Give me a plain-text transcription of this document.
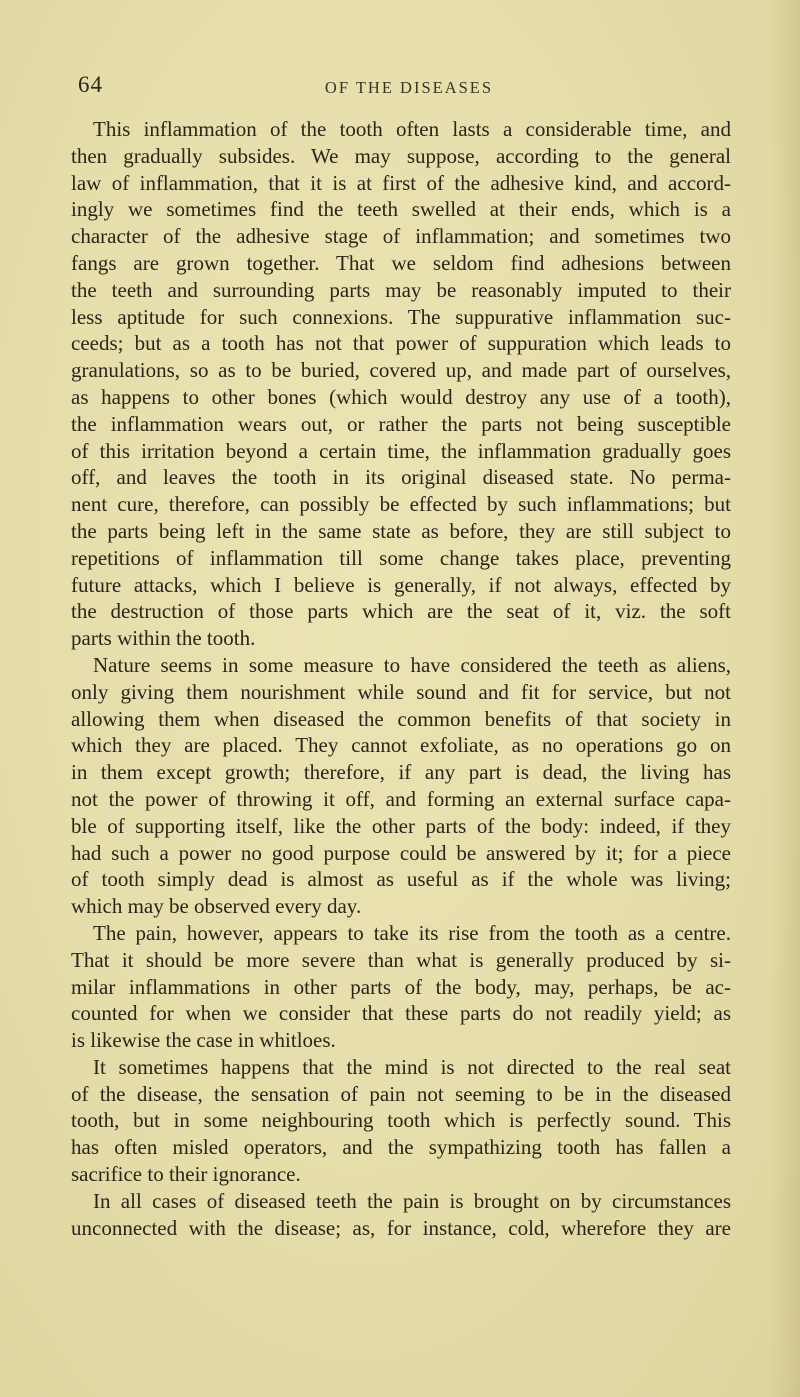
64	OF THE DISEASES
This inflammation of the tooth often lasts a considerable time, and
then gradually subsides. We may suppose, according to the general
law of inflammation, that it is at first of the adhesive kind, and accord-
ingly we sometimes find the teeth swelled at their ends, which is a
character of the adhesive stage of inflammation; and sometimes two
fangs are grown together. That we seldom find adhesions between
the teeth and surrounding parts may be reasonably imputed to their
less aptitude for such connexions. The suppurative inflammation suc-
ceeds; but as a tooth has not that power of suppuration which leads to
granulations, so as to be buried, covered up, and made part of ourselves,
as happens to other bones (which would destroy any use of a tooth),
the inflammation wears out, or rather the parts not being susceptible
of this irritation beyond a certain time, the inflammation gradually goes
off, and leaves the tooth in its original diseased state. No perma-
nent cure, therefore, can possibly be effected by such inflammations; but
the parts being left in the same state as before, they are still subject to
repetitions of inflammation till some change takes place, preventing
future attacks, which I believe is generally, if not always, effected by
the destruction of those parts which are the seat of it, viz. the soft
parts within the tooth.
Nature seems in some measure to have considered the teeth as aliens,
only giving them nourishment while sound and fit for service, but not
allowing them when diseased the common benefits of that society in
which they are placed. They cannot exfoliate, as no operations go on
in them except growth; therefore, if any part is dead, the living has
not the power of throwing it off, and forming an external surface capa-
ble of supporting itself, like the other parts of the body: indeed, if they
had such a power no good purpose could be answered by it; for a piece
of tooth simply dead is almost as useful as if the whole was living;
which may be observed every day.
The pain, however, appears to take its rise from the tooth as a centre.
That it should be more severe than what is generally produced by si-
milar inflammations in other parts of the body, may, perhaps, be ac-
counted for when we consider that these parts do not readily yield; as
is likewise the case in whitloes.
It sometimes happens that the mind is not directed to the real seat
of the disease, the sensation of pain not seeming to be in the diseased
tooth, but in some neighbouring tooth which is perfectly sound. This
has often misled operators, and the sympathizing tooth has fallen a
sacrifice to their ignorance.
In all cases of diseased teeth the pain is brought on by circumstances
unconnected with the disease; as, for instance, cold, wherefore they are
